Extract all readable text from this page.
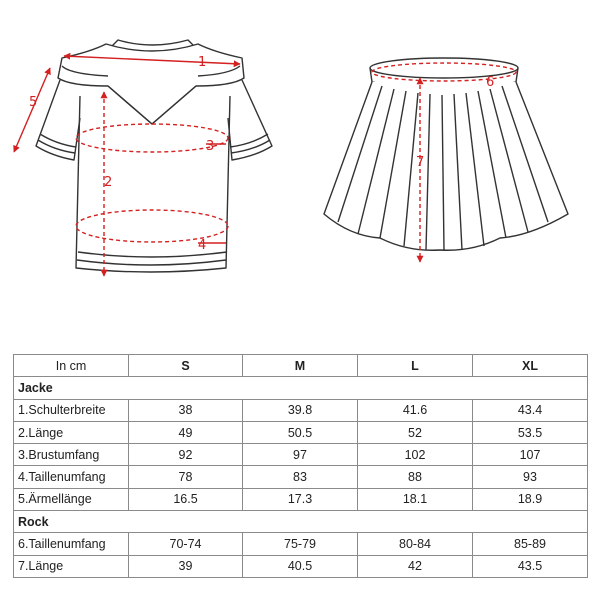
1
2
3
4
5
6
7
In cm	S	M	L	XL
Jacke				
1.Schulterbreite	38	39.8	41.6	43.4
2.Länge	49	50.5	52	53.5
3.Brustumfang	92	97	102	107
4.Taillenumfang	78	83	88	93
5.Ärmellänge	16.5	17.3	18.1	18.9
Rock				
6.Taillenumfang	70-74	75-79	80-84	85-89
7.Länge	39	40.5	42	43.5
